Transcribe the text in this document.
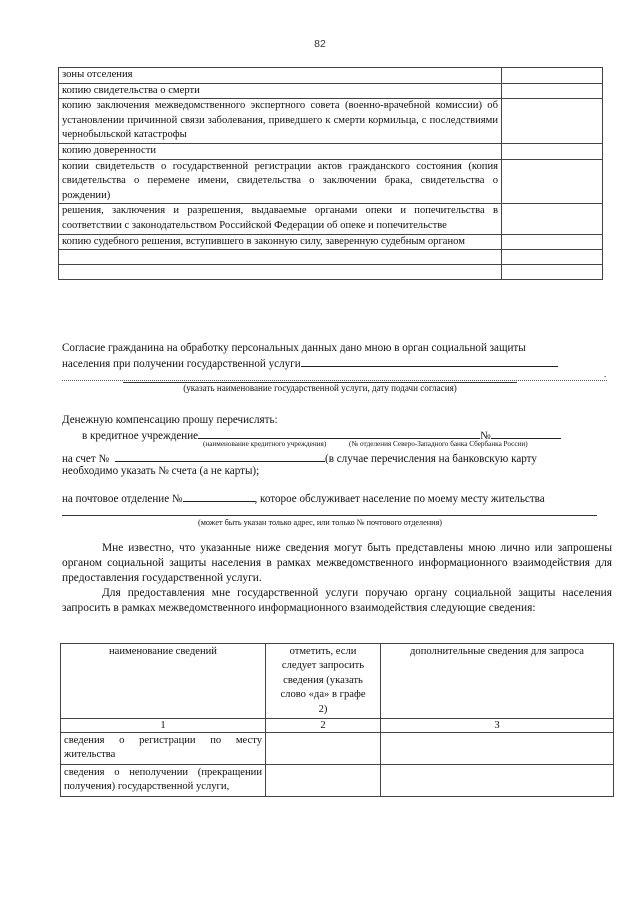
82
зоны отселения	
копию свидетельства о смерти	
копию заключения межведомственного экспертного совета (военно-врачебной комиссии) об установлении причинной связи заболевания, приведшего к смерти кормильца, с последствиями чернобыльской катастрофы	
копию доверенности	
копии свидетельств о государственной регистрации актов гражданского состояния (копия свидетельства о перемене имени, свидетельства о заключении брака, свидетельства о рождении)	
решения, заключения и разрешения, выдаваемые органами опеки и попечительства в соответствии с законодательством Российской Федерации об опеке и попечительстве	
копию судебного решения, вступившего в законную силу, заверенную судебным органом	

Согласие гражданина на обработку персональных данных дано мною в орган социальной защиты
населения при получении государственной услуги
.
(указать наименование государственной услуги, дату подачи согласия)
Денежную компенсацию прошу перечислять:
в кредитное учреждение	№
(наименование кредитного учреждения)	(№ отделения Северо-Западного банка Сбербанка России)
на счет №	(в случае перечисления на банковскую карту
необходимо указать № счета (а не карты);
на почтовое отделение №	, которое обслуживает население по моему месту жительства
(может быть указан только адрес, или только № почтового отделения)
Мне известно, что указанные ниже сведения могут быть представлены мною лично или запрошены органом социальной защиты населения в рамках межведомственного информационного взаимодействия для предоставления государственной услуги.
Для предоставления мне государственной услуги поручаю органу социальной защиты населения запросить в рамках межведомственного информационного взаимодействия следующие сведения:
наименование сведений	отметить, если следует запросить сведения (указать слово «да» в графе 2)	дополнительные сведения для запроса
1	2	3
сведения о регистрации по месту жительства		
сведения о неполучении (прекращении получения) государственной услуги,		
